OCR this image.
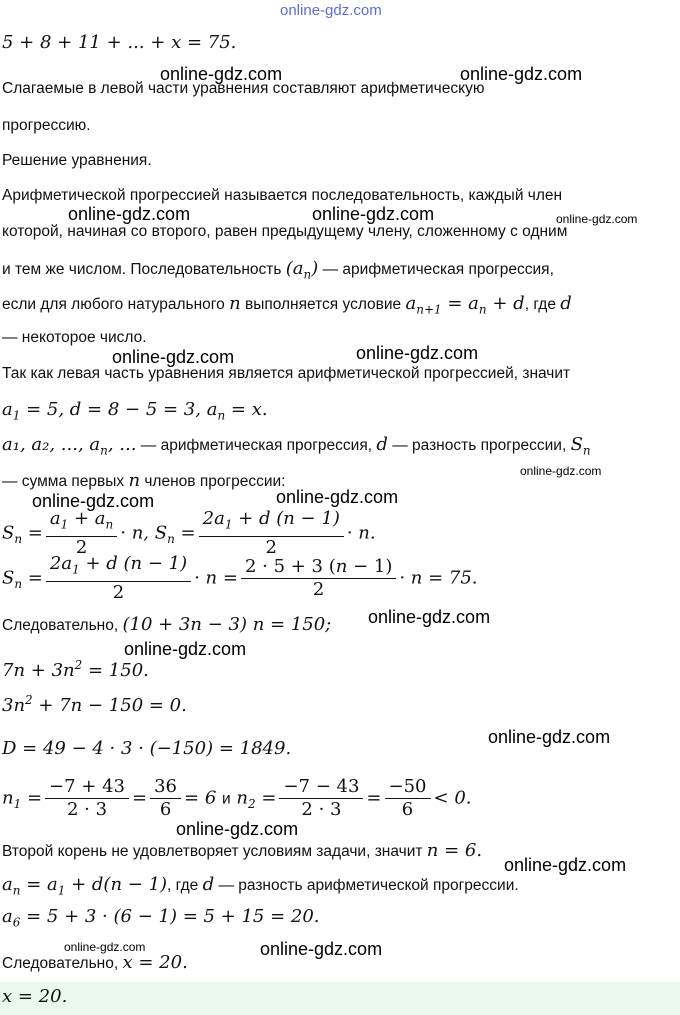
online-gdz.com
5 + 8 + 11 + ... + x = 75.
Слагаемые в левой части уравнения составляют арифметическую
прогрессию.
Решение уравнения.
Арифметической прогрессией называется последовательность, каждый член
которой, начиная со второго, равен предыдущему члену, сложенному с одним
и тем же числом. Последовательность $(a_n)$ — арифметическая прогрессия,
если для любого натурального n выполняется условие $a_{n+1} = a_n + d$, где d
— некоторое число.
Так как левая часть уравнения является арифметической прогрессией, значит
$a_1 = 5$, d = 8 − 5 = 3, $a_n = x$.
a₁, a₂, ..., $a_n$, ... — арифметическая прогрессия, d — разность прогрессии, $S_n$
— сумма первых n членов прогрессии:
$S_n = \frac{a_1 + a_n}{2} \cdot n$, $S_n = \frac{2a_1 + d (n - 1)}{2} \cdot n$.
$S_n = \frac{2a_1 + d (n - 1)}{2} \cdot n = \frac{2 \cdot 5 + 3 (n - 1)}{2} \cdot n = 75$.
Следовательно, (10 + 3n − 3) n = 150;
$7n + 3n^2 = 150$.
$3n^2 + 7n - 150 = 0$.
D = 49 − 4 · 3 · (−150) = 1849.
$n_1 = \frac{-7 + 43}{2 \cdot 3} = \frac{36}{6} = 6$ и $n_2 = \frac{-7 - 43}{2 \cdot 3} = \frac{-50}{6} < 0$.
Второй корень не удовлетворяет условиям задачи, значит n = 6.
$a_n = a_1 + d(n - 1)$, где d — разность арифметической прогрессии.
$a_6 = 5 + 3 \cdot (6 - 1) = 5 + 15 = 20$.
Следовательно, x = 20.
x = 20.
online-gdz.com	online-gdz.com
online-gdz.com	online-gdz.com	online-gdz.com
online-gdz.com	online-gdz.com
online-gdz.com
online-gdz.com	online-gdz.com
online-gdz.com
online-gdz.com
online-gdz.com
online-gdz.com
online-gdz.com
online-gdz.com	online-gdz.com
